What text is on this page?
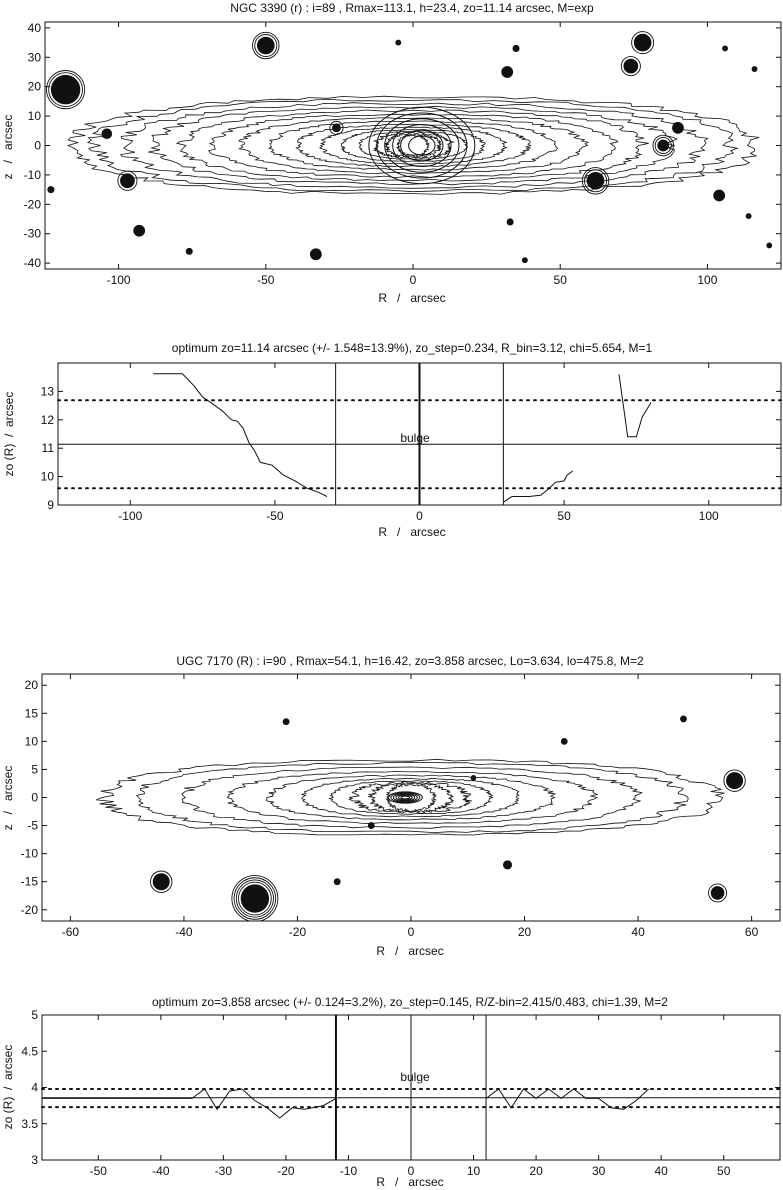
NGC 3390 (r) : i=89 , Rmax=113.1, h=23.4, zo=11.14 arcsec, M=exp
-100	-50	0	50	100
40
30
20
10
0
-10
-20
-30
-40
R   /   arcsec
z   /   arcsec
optimum zo=11.14 arcsec (+/- 1.548=13.9%), zo_step=0.234, R_bin=3.12, chi=5.654, M=1
-100	-50	0	50	100
9
10
11
12
13
bulge
R   /   arcsec
zo (R)  /  arcsec
UGC 7170 (R) : i=90 , Rmax=54.1, h=16.42, zo=3.858 arcsec, Lo=3.634, lo=475.8, M=2
-60	-40	-20	0	20	40	60
20
15
10
5
0
-5
-10
-15
-20
R   /   arcsec
z   /   arcsec
optimum zo=3.858 arcsec (+/- 0.124=3.2%), zo_step=0.145, R/Z-bin=2.415/0.483, chi=1.39, M=2
-50	-40	-30	-20	-10	0	10	20	30	40	50
3
3.5
4
4.5
5
bulge
R   /   arcsec
zo (R)  /  arcsec
